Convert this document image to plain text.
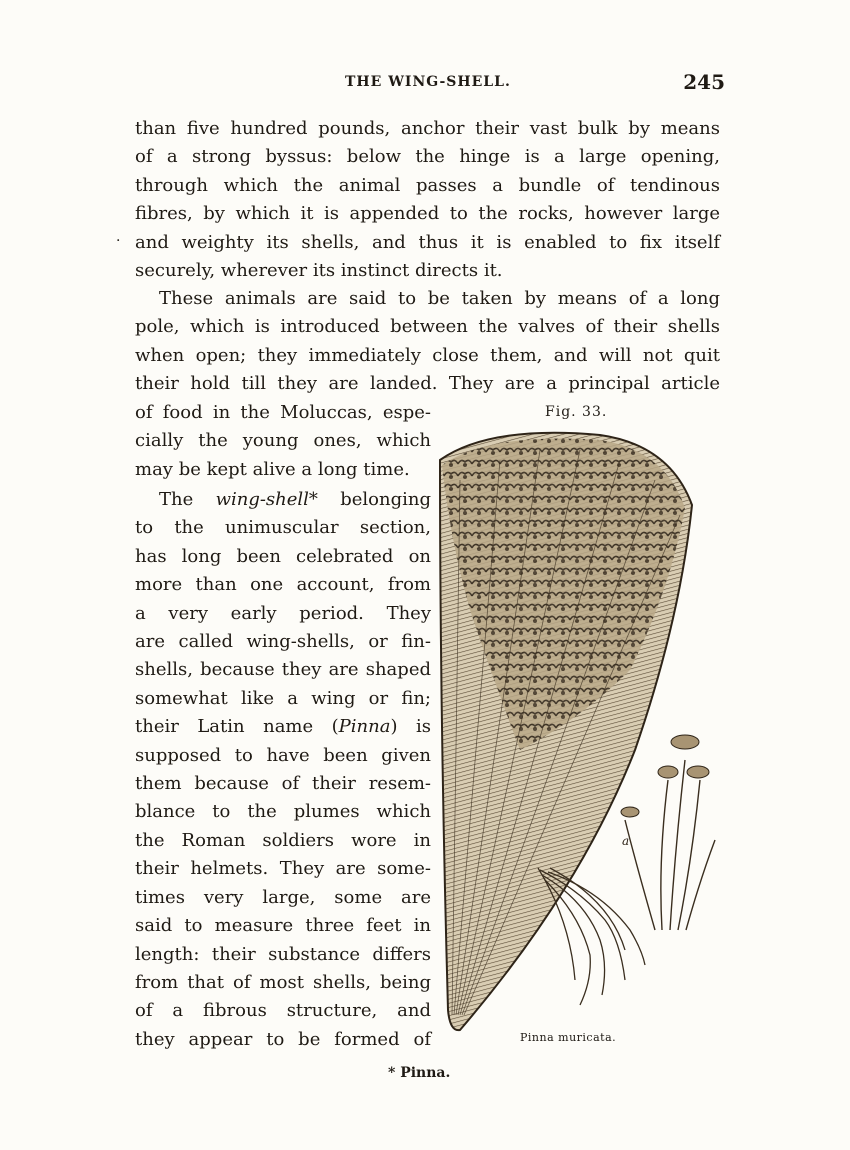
THE WING-SHELL.	245
·
than five hundred pounds, anchor their vast bulk by means
of a strong byssus: below the hinge is a large opening,
through which the animal passes a bundle of tendinous
fibres, by which it is appended to the rocks, however large
and weighty its shells, and thus it is enabled to fix itself
securely, wherever its instinct directs it.
These animals are said to be taken by means of a long
pole, which is introduced between the valves of their shells
when open; they immediately close them, and will not quit
their hold till they are landed. They are a principal article
of food in the Moluccas, espe-
cially the young ones, which
may be kept alive a long time.
The wing-shell* belonging
to the unimuscular section,
has long been celebrated on
more than one account, from
a very early period. They
are called wing-shells, or fin-
shells, because they are shaped
somewhat like a wing or fin;
their Latin name (Pinna) is
supposed to have been given
them because of their resem-
blance to the plumes which
the Roman soldiers wore in
their helmets. They are some-
times very large, some are
said to measure three feet in
length: their substance differs
from that of most shells, being
of a fibrous structure, and
they appear to be formed of
Fig. 33.
a
Pinna muricata.
* Pinna.
